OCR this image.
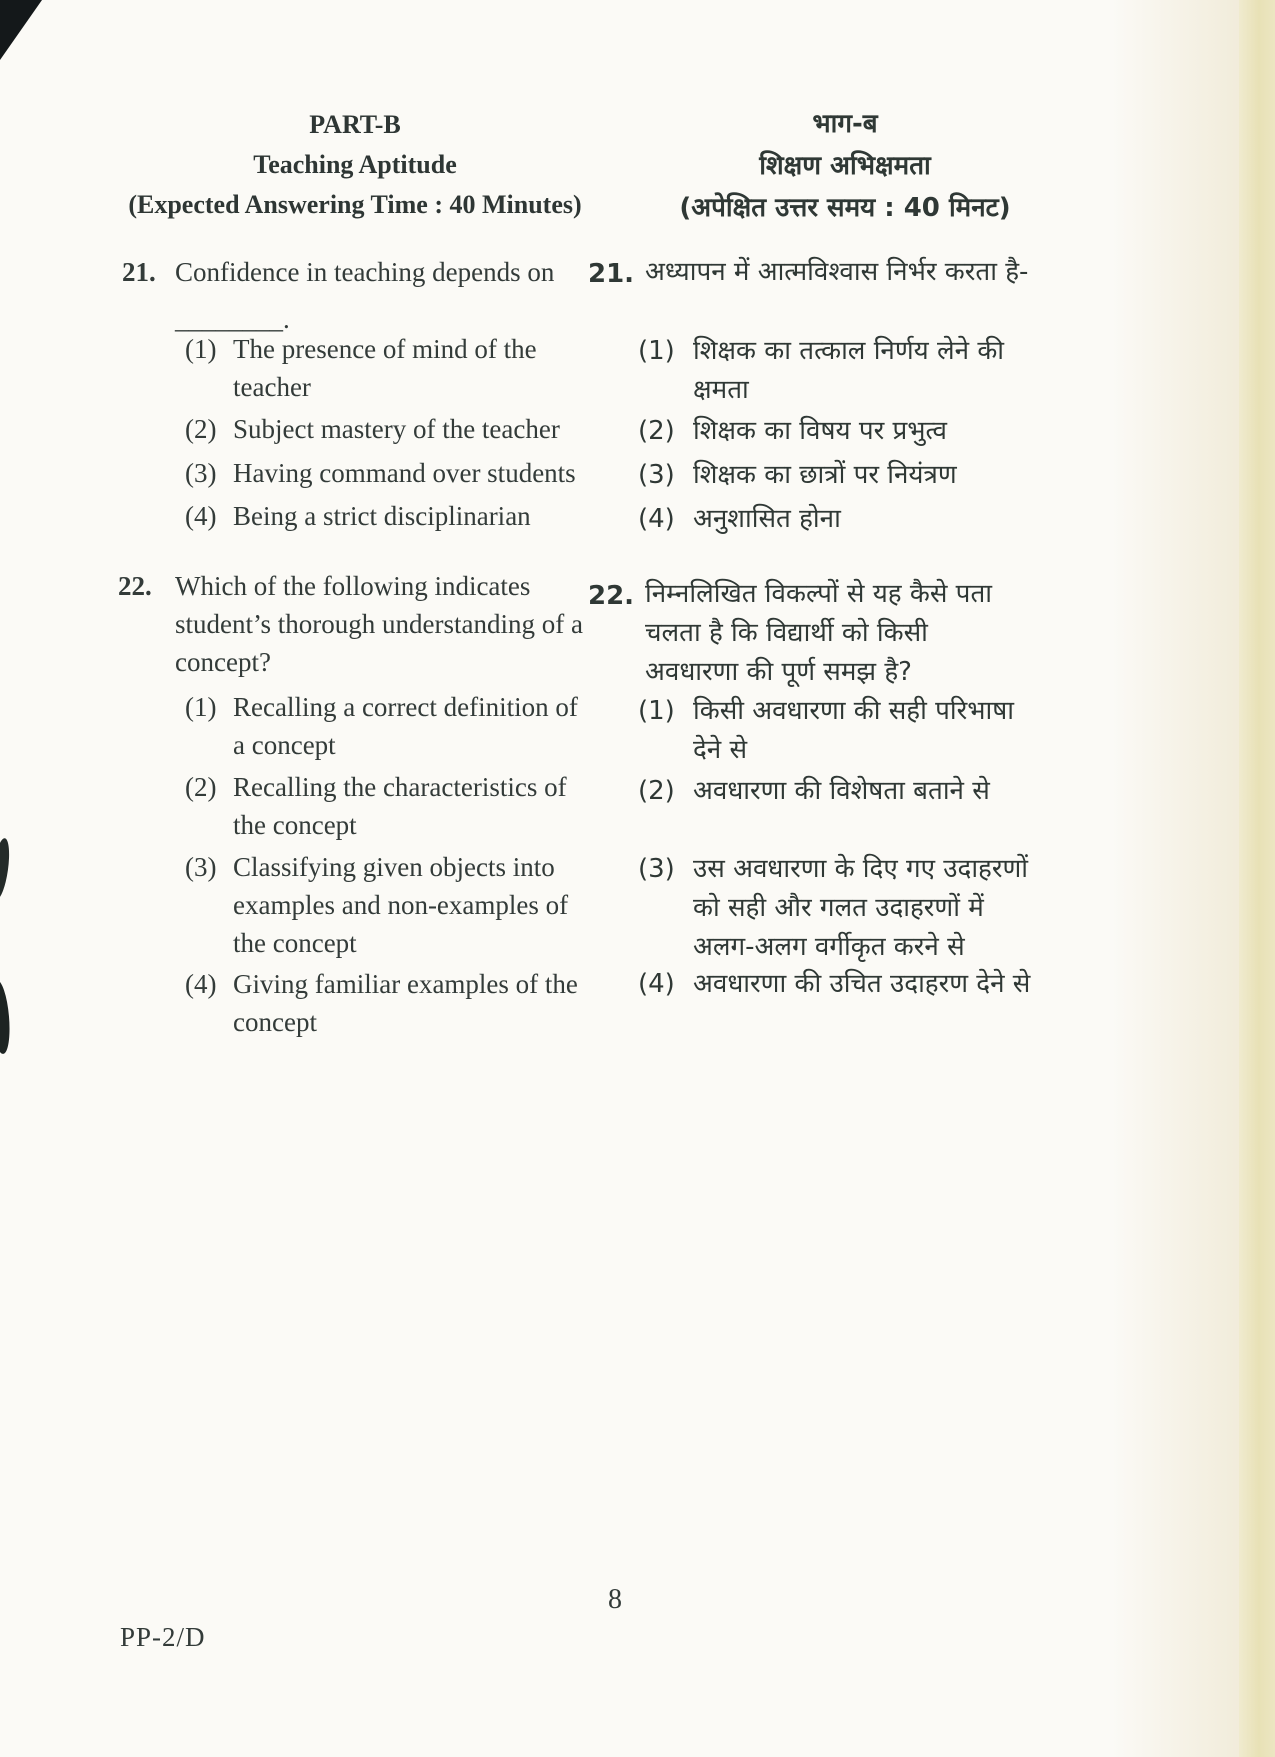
PART-B
Teaching Aptitude
(Expected Answering Time : 40 Minutes)
भाग-ब
शिक्षण अभिक्षमता
(अपेक्षित उत्तर समय : 40 मिनट)
21. Confidence in teaching depends on
________.
(1) The presence of mind of the
teacher
(2) Subject mastery of the teacher
(3) Having command over students
(4) Being a strict disciplinarian
21. अध्यापन में आत्मविश्वास निर्भर करता है-
(1) शिक्षक का तत्काल निर्णय लेने की
क्षमता
(2) शिक्षक का विषय पर प्रभुत्व
(3) शिक्षक का छात्रों पर नियंत्रण
(4) अनुशासित होना
22. Which of the following indicates
student’s thorough understanding of a
concept?
(1) Recalling a correct definition of
a concept
(2) Recalling the characteristics of
the concept
(3) Classifying given objects into
examples and non-examples of
the concept
(4) Giving familiar examples of the
concept
22. निम्नलिखित विकल्पों से यह कैसे पता
चलता है कि विद्यार्थी को किसी
अवधारणा की पूर्ण समझ है?
(1) किसी अवधारणा की सही परिभाषा
देने से
(2) अवधारणा की विशेषता बताने से
(3) उस अवधारणा के दिए गए उदाहरणों
को सही और गलत उदाहरणों में
अलग-अलग वर्गीकृत करने से
(4) अवधारणा की उचित उदाहरण देने से
8
PP-2/D
